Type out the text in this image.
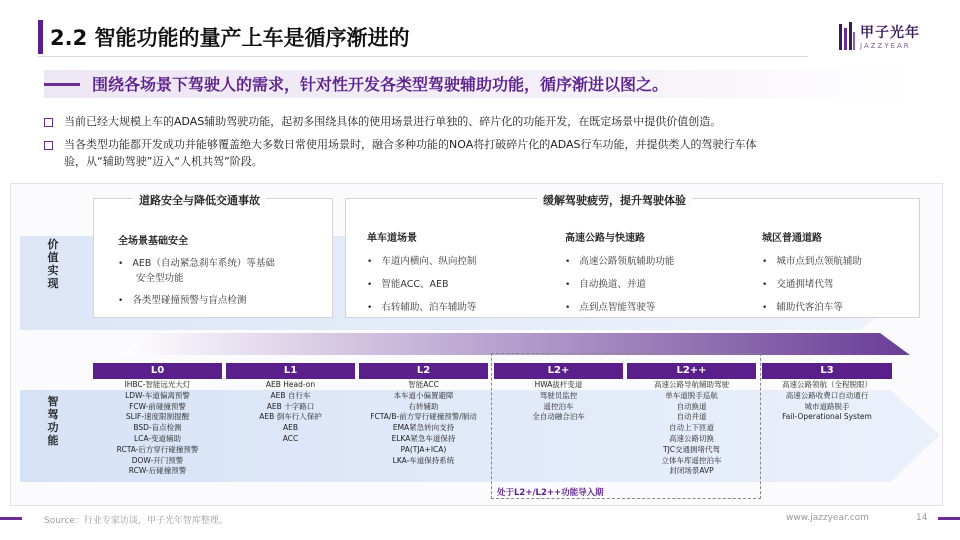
2.2 智能功能的量产上车是循序渐进的	甲子光年
JAZZYEAR
围绕各场景下驾驶人的需求，针对性开发各类型驾驶辅助功能，循序渐进以图之。
当前已经大规模上车的ADAS辅助驾驶功能，起初多围绕具体的使用场景进行单独的、碎片化的功能开发，在既定场景中提供价值创造。
当各类型功能都开发成功并能够覆盖绝大多数日常使用场景时，融合多种功能的NOA将打破碎片化的ADAS行车功能，并提供类人的驾驶行车体
验，从“辅助驾驶”迈入“人机共驾”阶段。
价
值
实
现
智
驾
功
能
道路安全与降低交通事故	缓解驾驶疲劳，提升驾驶体验
全场景基础安全
• AEB（自动紧急刹车系统）等基础
安全型功能
• 各类型碰撞预警与盲点检测
单车道场景
• 车道内横向、纵向控制
• 智能ACC、AEB
• 右转辅助、泊车辅助等
高速公路与快速路
• 高速公路领航辅助功能
• 自动换道、并道
• 点到点智能驾驶等
城区普通道路
• 城市点到点领航辅助
• 交通拥堵代驾
• 辅助代客泊车等
L0
IHBC-智能远光大灯
LDW-车道偏离预警
FCW-前碰撞预警
SLIF-速度限制提醒
BSD-盲点检测
LCA-变道辅助
RCTA-后方穿行碰撞预警
DOW-开门预警
RCW-后碰撞预警
L1
AEB Head-on
AEB 自行车
AEB 十字路口
AEB 倒车行人保护
AEB
ACC
L2
智能ACC
本车道小偏置避障
右转辅助
FCTA/B-前方穿行碰撞预警/制动
EMA紧急转向支持
ELKA紧急车道保持
PA(TJA+ICA)
LKA-车道保持系统
L2+
HWA拔杆变道
驾驶员监控
遥控泊车
全自动融合泊车
L2++
高速公路导航辅助驾驶
单车道脱手巡航
自动换道
自动并道
自动上下匝道
高速公路切换
TJC交通拥堵代驾
立体车库遥控泊车
封闭场景AVP
L3
高速公路领航（全程脱眼）
高速公路收费口自动通行
城市道路脱手
Fail-Operational System
处于L2+/L2++功能导入期
Source：行业专家访谈，甲子光年智库整理。	www.jazzyear.com	14
